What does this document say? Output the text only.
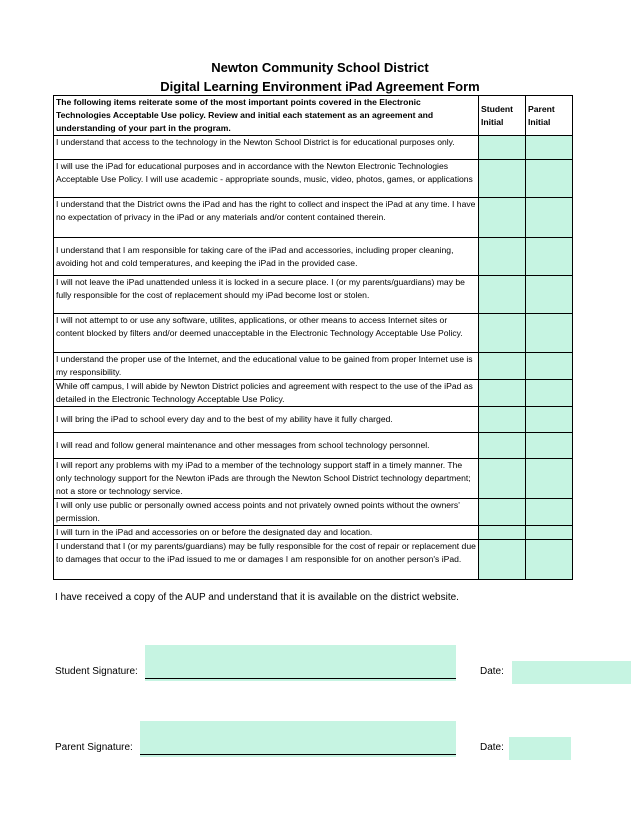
Newton Community School District
Digital Learning Environment iPad Agreement Form
The following items reiterate some of the most important points covered in the Electronic Technologies Acceptable Use policy. Review and initial each statement as an agreement and understanding of your part in the program.	Student Initial	Parent Initial
I understand that access to the technology in the Newton School District is for educational purposes only.		
I will use the iPad for educational purposes and in accordance with the Newton Electronic Technologies Acceptable Use Policy. I will use academic - appropriate sounds, music, video, photos, games, or applications		
I understand that the District owns the iPad and has the right to collect and inspect the iPad at any time. I have no expectation of privacy in the iPad or any materials and/or content contained therein.		
I understand that I am responsible for taking care of the iPad and accessories, including proper cleaning, avoiding hot and cold temperatures, and keeping the iPad in the provided case.		
I will not leave the iPad unattended unless it is locked in a secure place. I (or my parents/guardians) may be fully responsible for the cost of replacement should my iPad become lost or stolen.		
I will not attempt to or use any software, utilites, applications, or other means to access Internet sites or content blocked by filters and/or deemed unacceptable in the Electronic Technology Acceptable Use Policy.		
I understand the proper use of the Internet, and the educational value to be gained from proper Internet use is my responsibility.		
While off campus, I will abide by Newton District policies and agreement with respect to the use of the iPad as detailed in the Electronic Technology Acceptable Use Policy.		
I will bring the iPad to school every day and to the best of my ability have it fully charged.		
I will read and follow general maintenance and other messages from school technology personnel.		
I will report any problems with my iPad to a member of the technology support staff in a timely manner. The only technology support for the Newton iPads are through the Newton School District technology department; not a store or technology service.		
I will only use public or personally owned access points and not privately owned points without the owners' permission.		
I will turn in the iPad and accessories on or before the designated day and location.		
I understand that I (or my parents/guardians) may be fully responsible for the cost of repair or replacement due to damages that occur to the iPad issued to me or damages I am responsible for on another person's iPad.		
I have received a copy of the AUP and understand that it is available on the district website.
Student Signature:	Date:
Parent Signature:	Date:
